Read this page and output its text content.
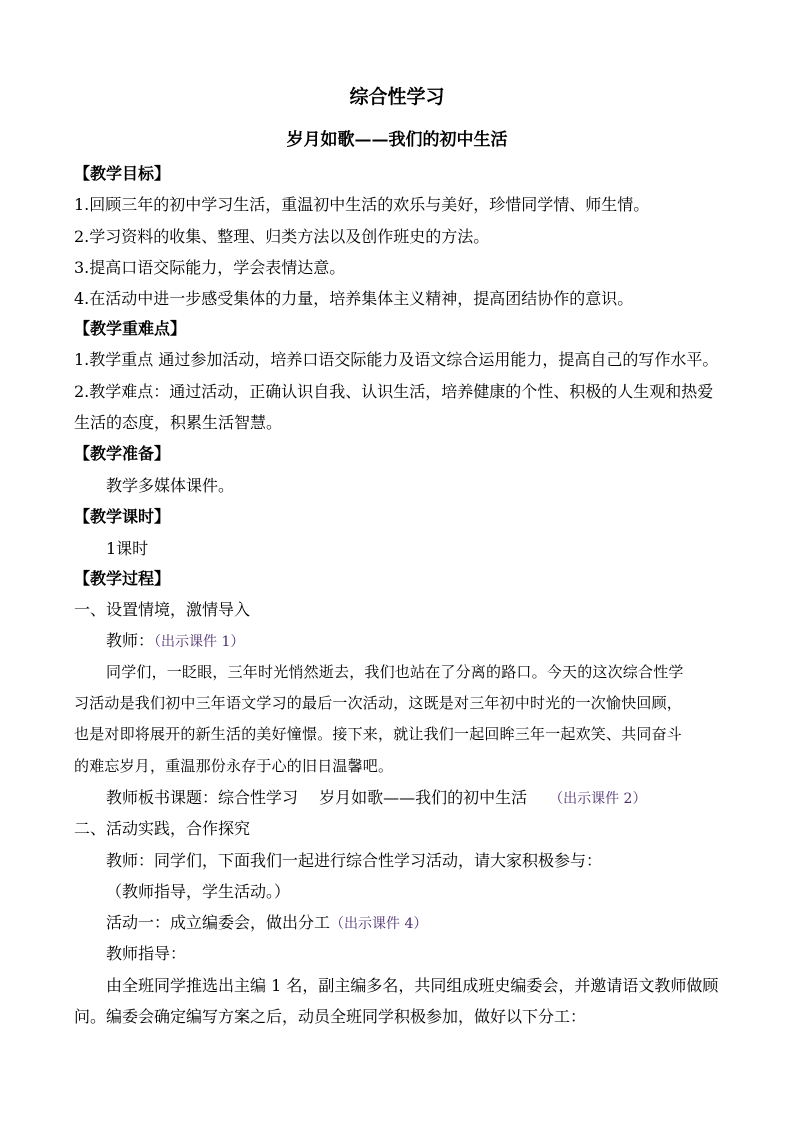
综合性学习
岁月如歌——我们的初中生活
【教学目标】
1.回顾三年的初中学习生活，重温初中生活的欢乐与美好，珍惜同学情、师生情。
2.学习资料的收集、整理、归类方法以及创作班史的方法。
3.提高口语交际能力，学会表情达意。
4.在活动中进一步感受集体的力量，培养集体主义精神，提高团结协作的意识。
【教学重难点】
1.教学重点 通过参加活动，培养口语交际能力及语文综合运用能力，提高自己的写作水平。
2.教学难点：通过活动，正确认识自我、认识生活，培养健康的个性、积极的人生观和热爱
生活的态度，积累生活智慧。
【教学准备】
教学多媒体课件。
【教学课时】
1课时
【教学过程】
一、设置情境，激情导入
教师：（出示课件 1）
同学们，一眨眼，三年时光悄然逝去，我们也站在了分离的路口。今天的这次综合性学
习活动是我们初中三年语文学习的最后一次活动，这既是对三年初中时光的一次愉快回顾，
也是对即将展开的新生活的美好憧憬。接下来，就让我们一起回眸三年一起欢笑、共同奋斗
的难忘岁月，重温那份永存于心的旧日温馨吧。
教师板书课题：综合性学习　 岁月如歌——我们的初中生活 （出示课件 2）
二、活动实践，合作探究
教师：同学们，下面我们一起进行综合性学习活动，请大家积极参与：
（教师指导，学生活动。）
活动一：成立编委会，做出分工（出示课件 4）
教师指导：
由全班同学推选出主编 1 名，副主编多名，共同组成班史编委会，并邀请语文教师做顾
问。编委会确定编写方案之后，动员全班同学积极参加，做好以下分工：
